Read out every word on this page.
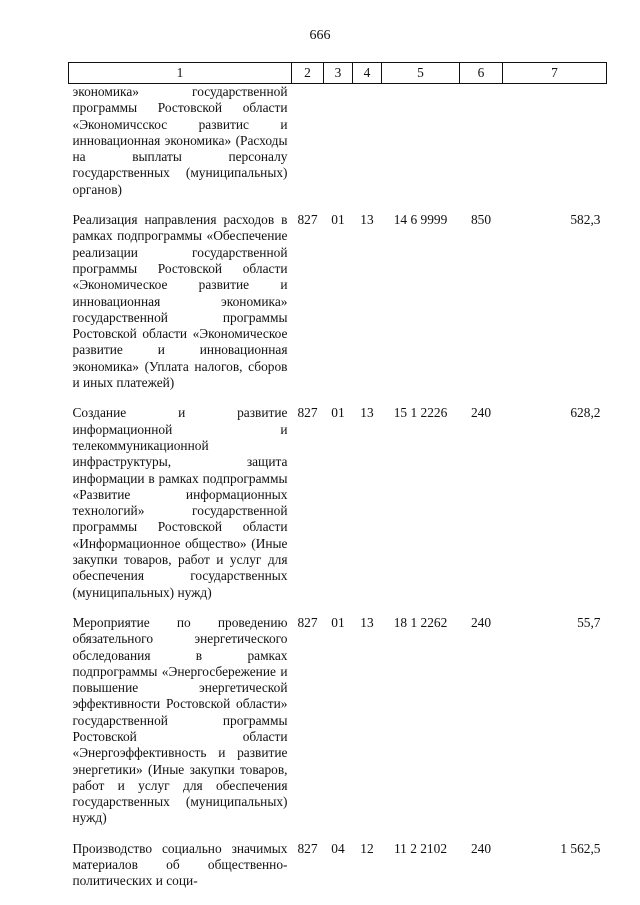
666
1	2	3	4	5	6	7
экономика» государственной программы Ростовской области «Экономичсскос развитис и инновационная экономика» (Расходы на выплаты персоналу государственных (муниципальных) органов)						
Реализация направления расходов в рамках подпрограммы «Обеспечение реализации государственной программы Ростовской области «Экономическое развитие и инновационная экономика» государственной программы Ростовской области «Экономическое развитие и инновационная экономика» (Уплата налогов, сборов и иных платежей)	827	01	13	14 6 9999	850	582,3
Создание и развитие информационной и телекоммуникационной инфраструктуры, защита информации в рамках подпрограммы «Развитие информационных технологий» государственной программы Ростовской области «Информационное общество» (Иные закупки товаров, работ и услуг для обеспечения государственных (муниципальных) нужд)	827	01	13	15 1 2226	240	628,2
Мероприятие по проведению обязательного энергетического обследования в рамках подпрограммы «Энергосбережение и повышение энергетической эффективности Ростовской области» государственной программы Ростовской области «Энергоэффективность и развитие энергетики» (Иные закупки товаров, работ и услуг для обеспечения государственных (муниципальных) нужд)	827	01	13	18 1 2262	240	55,7
Производство социально значимых материалов об общественно-политических и соци-	827	04	12	11 2 2102	240	1 562,5
